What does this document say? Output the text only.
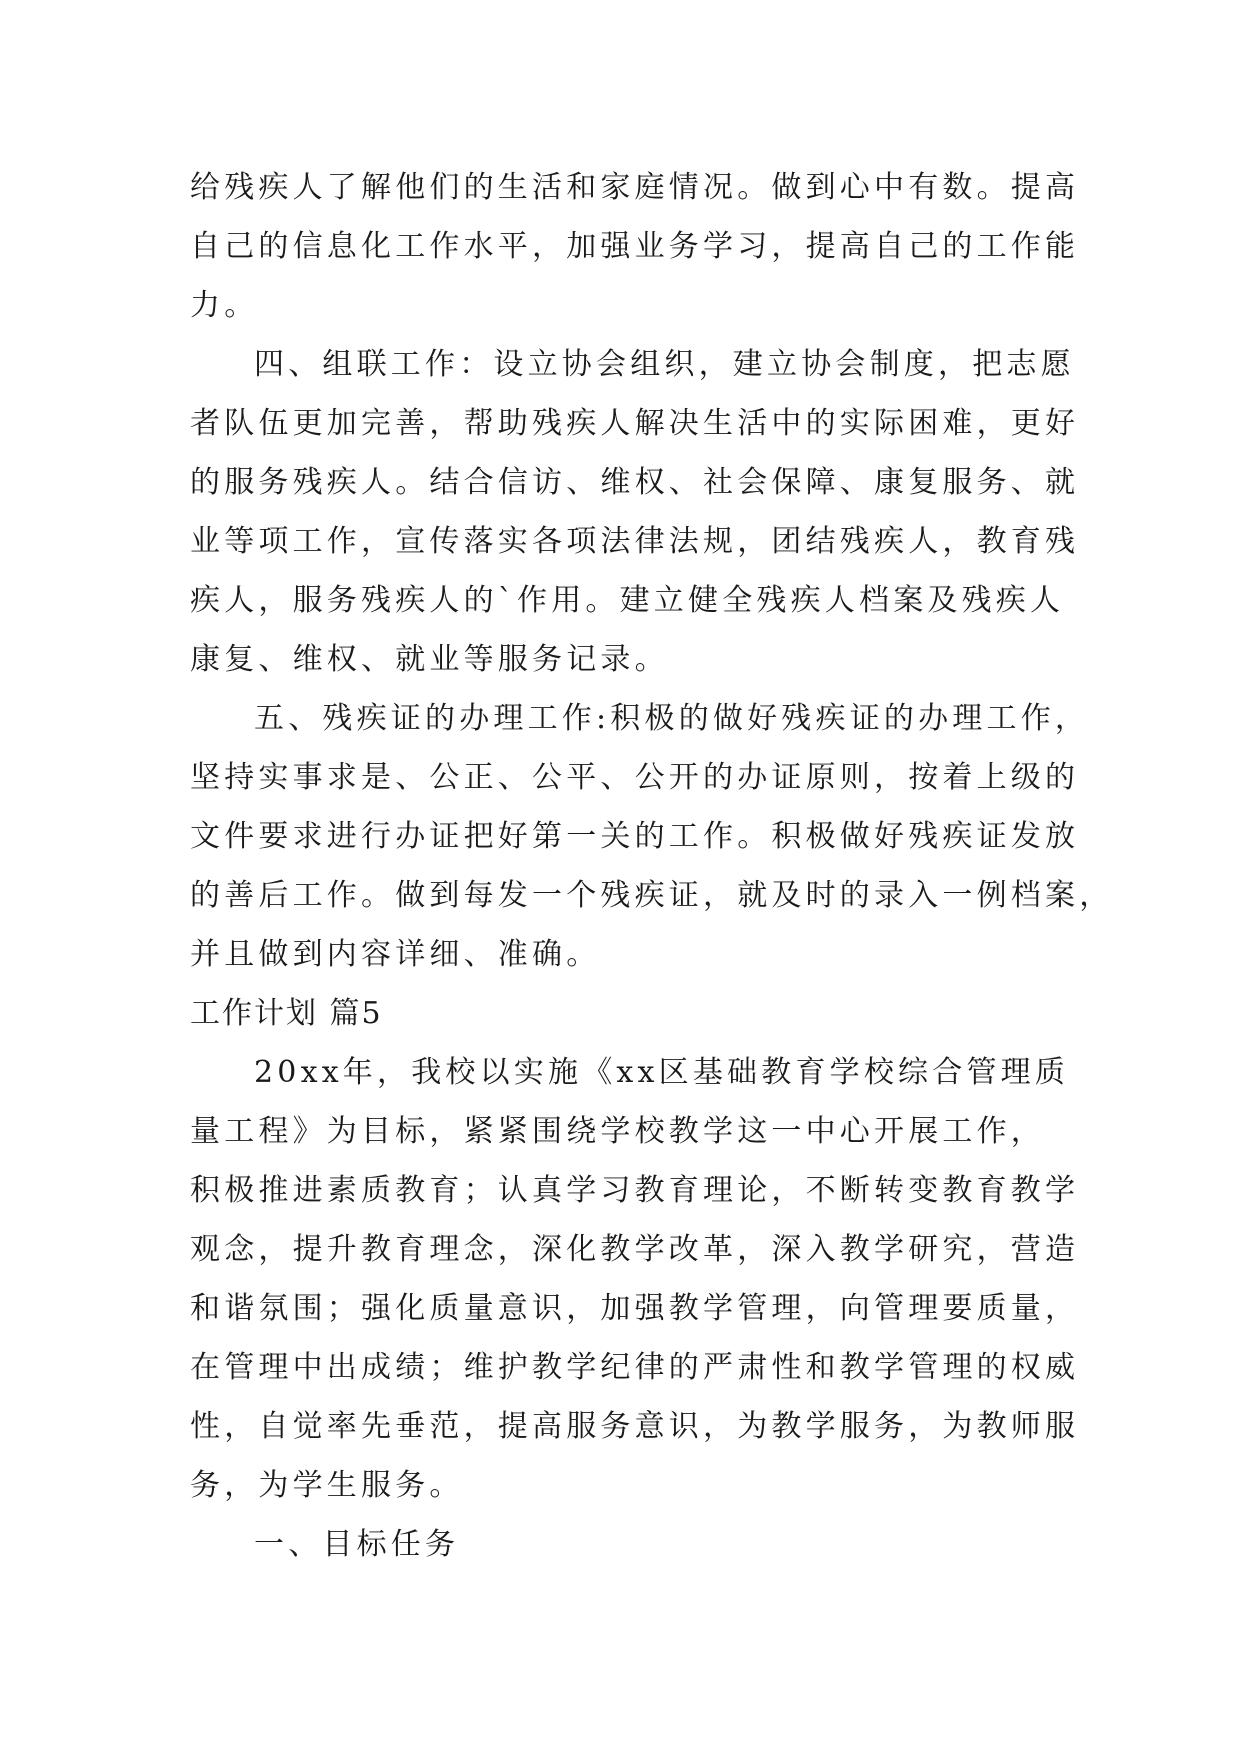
给残疾人了解他们的生活和家庭情况。做到心中有数。提高
自己的信息化工作水平，加强业务学习，提高自己的工作能
力。
四、组联工作：设立协会组织，建立协会制度，把志愿
者队伍更加完善，帮助残疾人解决生活中的实际困难，更好
的服务残疾人。结合信访、维权、社会保障、康复服务、就
业等项工作，宣传落实各项法律法规，团结残疾人，教育残
疾人，服务残疾人的`作用。建立健全残疾人档案及残疾人
康复、维权、就业等服务记录。
五、残疾证的办理工作:积极的做好残疾证的办理工作，
坚持实事求是、公正、公平、公开的办证原则，按着上级的
文件要求进行办证把好第一关的工作。积极做好残疾证发放
的善后工作。做到每发一个残疾证，就及时的录入一例档案，
并且做到内容详细、准确。
工作计划 篇5
20xx年，我校以实施《xx区基础教育学校综合管理质
量工程》为目标，紧紧围绕学校教学这一中心开展工作，
积极推进素质教育；认真学习教育理论，不断转变教育教学
观念，提升教育理念，深化教学改革，深入教学研究，营造
和谐氛围；强化质量意识，加强教学管理，向管理要质量，
在管理中出成绩；维护教学纪律的严肃性和教学管理的权威
性，自觉率先垂范，提高服务意识，为教学服务，为教师服
务，为学生服务。
一、目标任务
